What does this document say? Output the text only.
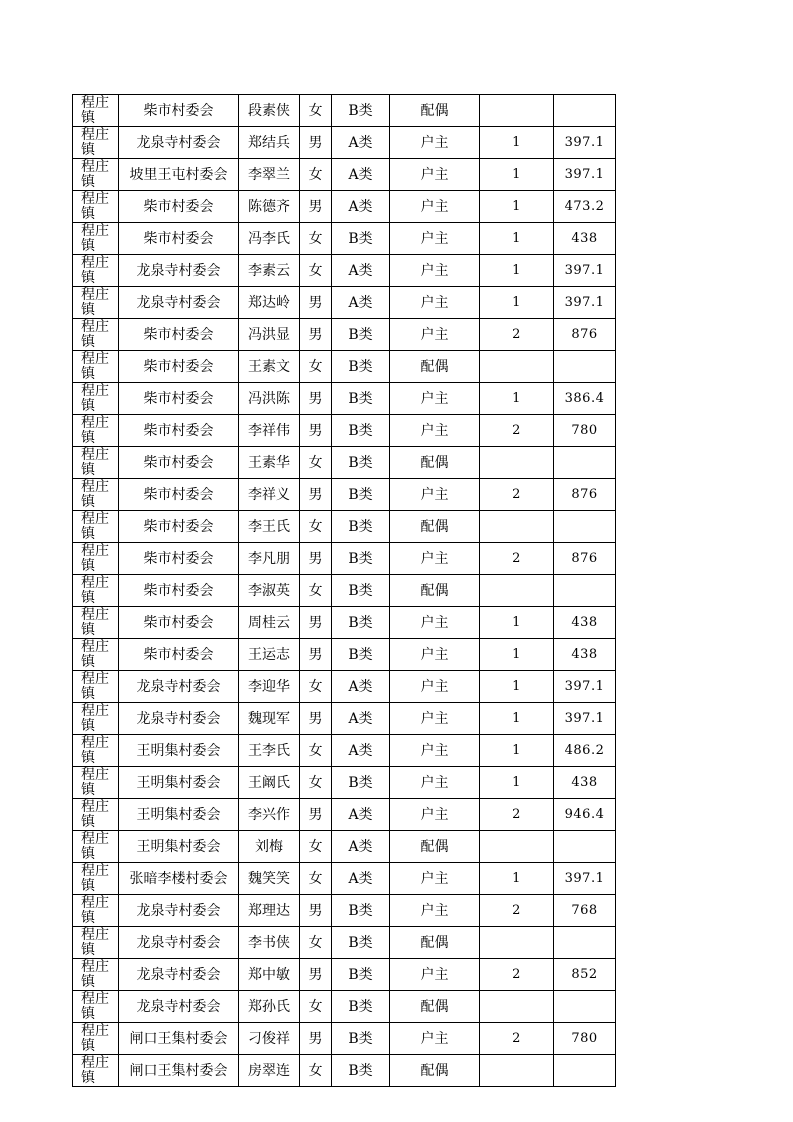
程庄镇	柴市村委会	段素侠	女	B类	配偶		

程庄镇	龙泉寺村委会	郑结兵	男	A类	户主	1	397.1

程庄镇	坡里王屯村委会	李翠兰	女	A类	户主	1	397.1

程庄镇	柴市村委会	陈德齐	男	A类	户主	1	473.2

程庄镇	柴市村委会	冯李氏	女	B类	户主	1	438

程庄镇	龙泉寺村委会	李素云	女	A类	户主	1	397.1

程庄镇	龙泉寺村委会	郑达岭	男	A类	户主	1	397.1

程庄镇	柴市村委会	冯洪显	男	B类	户主	2	876

程庄镇	柴市村委会	王素文	女	B类	配偶		

程庄镇	柴市村委会	冯洪陈	男	B类	户主	1	386.4

程庄镇	柴市村委会	李祥伟	男	B类	户主	2	780

程庄镇	柴市村委会	王素华	女	B类	配偶		

程庄镇	柴市村委会	李祥义	男	B类	户主	2	876

程庄镇	柴市村委会	李王氏	女	B类	配偶		

程庄镇	柴市村委会	李凡朋	男	B类	户主	2	876

程庄镇	柴市村委会	李淑英	女	B类	配偶		

程庄镇	柴市村委会	周桂云	男	B类	户主	1	438

程庄镇	柴市村委会	王运志	男	B类	户主	1	438

程庄镇	龙泉寺村委会	李迎华	女	A类	户主	1	397.1

程庄镇	龙泉寺村委会	魏现军	男	A类	户主	1	397.1

程庄镇	王明集村委会	王李氏	女	A类	户主	1	486.2

程庄镇	王明集村委会	王阚氏	女	B类	户主	1	438

程庄镇	王明集村委会	李兴作	男	A类	户主	2	946.4

程庄镇	王明集村委会	刘梅	女	A类	配偶		

程庄镇	张暗李楼村委会	魏笑笑	女	A类	户主	1	397.1

程庄镇	龙泉寺村委会	郑理达	男	B类	户主	2	768

程庄镇	龙泉寺村委会	李书侠	女	B类	配偶		

程庄镇	龙泉寺村委会	郑中敏	男	B类	户主	2	852

程庄镇	龙泉寺村委会	郑孙氏	女	B类	配偶		

程庄镇	闸口王集村委会	刁俊祥	男	B类	户主	2	780

程庄镇	闸口王集村委会	房翠连	女	B类	配偶		
